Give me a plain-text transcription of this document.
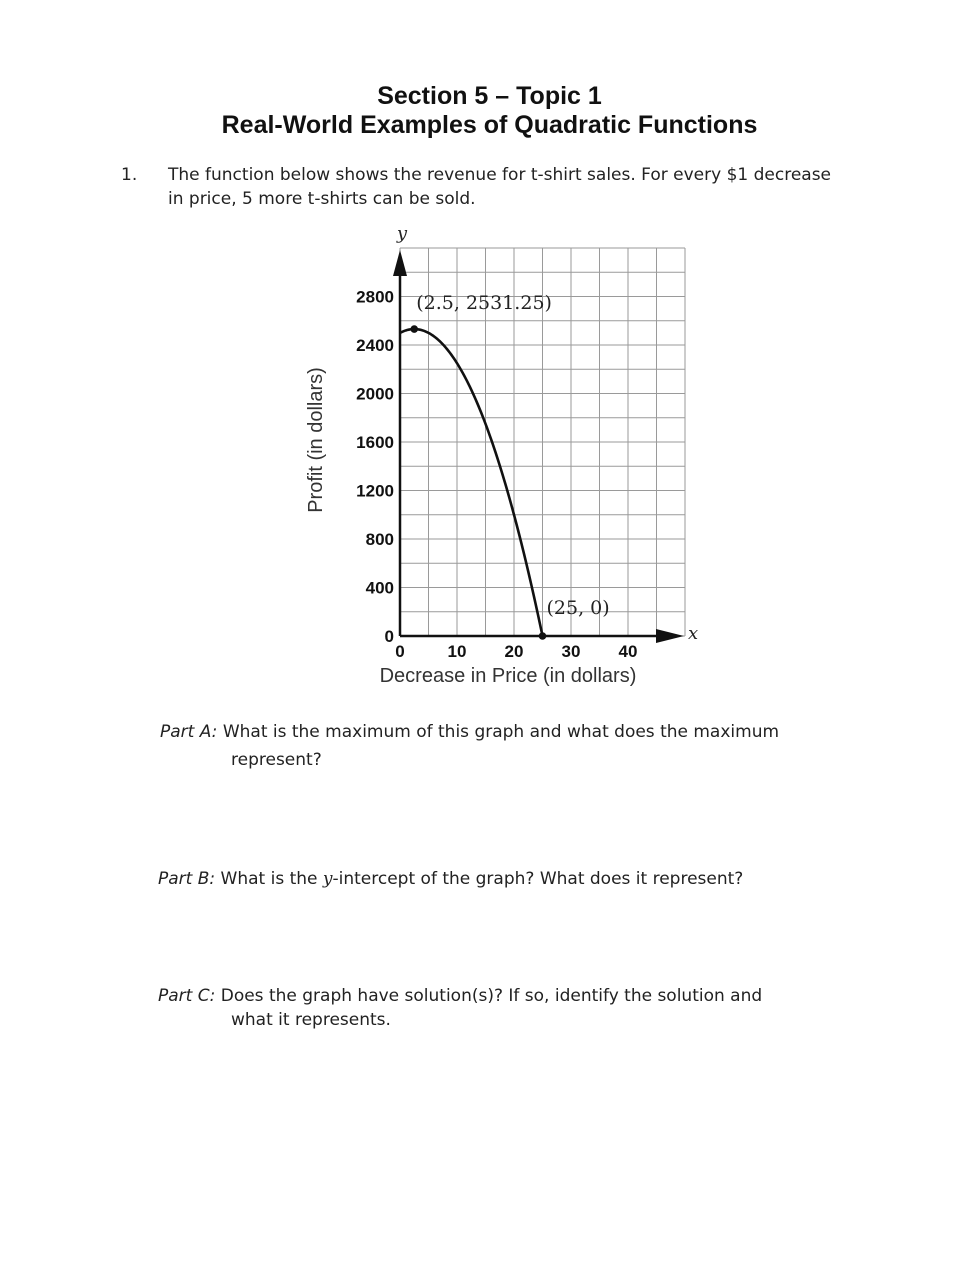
Section 5 – Topic 1
Real-World Examples of Quadratic Functions
1. The function below shows the revenue for t-shirt sales. For every $1 decrease in price, 5 more t-shirts can be sold.
0
400
800
1200
1600
2000
2400
2800
0	10 20 30 40
(2.5, 2531.25)
(25, 0)
Profit (in dollars)
Decrease in Price (in dollars)
y
x
Part A: What is the maximum of this graph and what does the maximum
represent?
Part B: What is the y-intercept of the graph? What does it represent?
Part C: Does the graph have solution(s)? If so, identify the solution and
what it represents.
